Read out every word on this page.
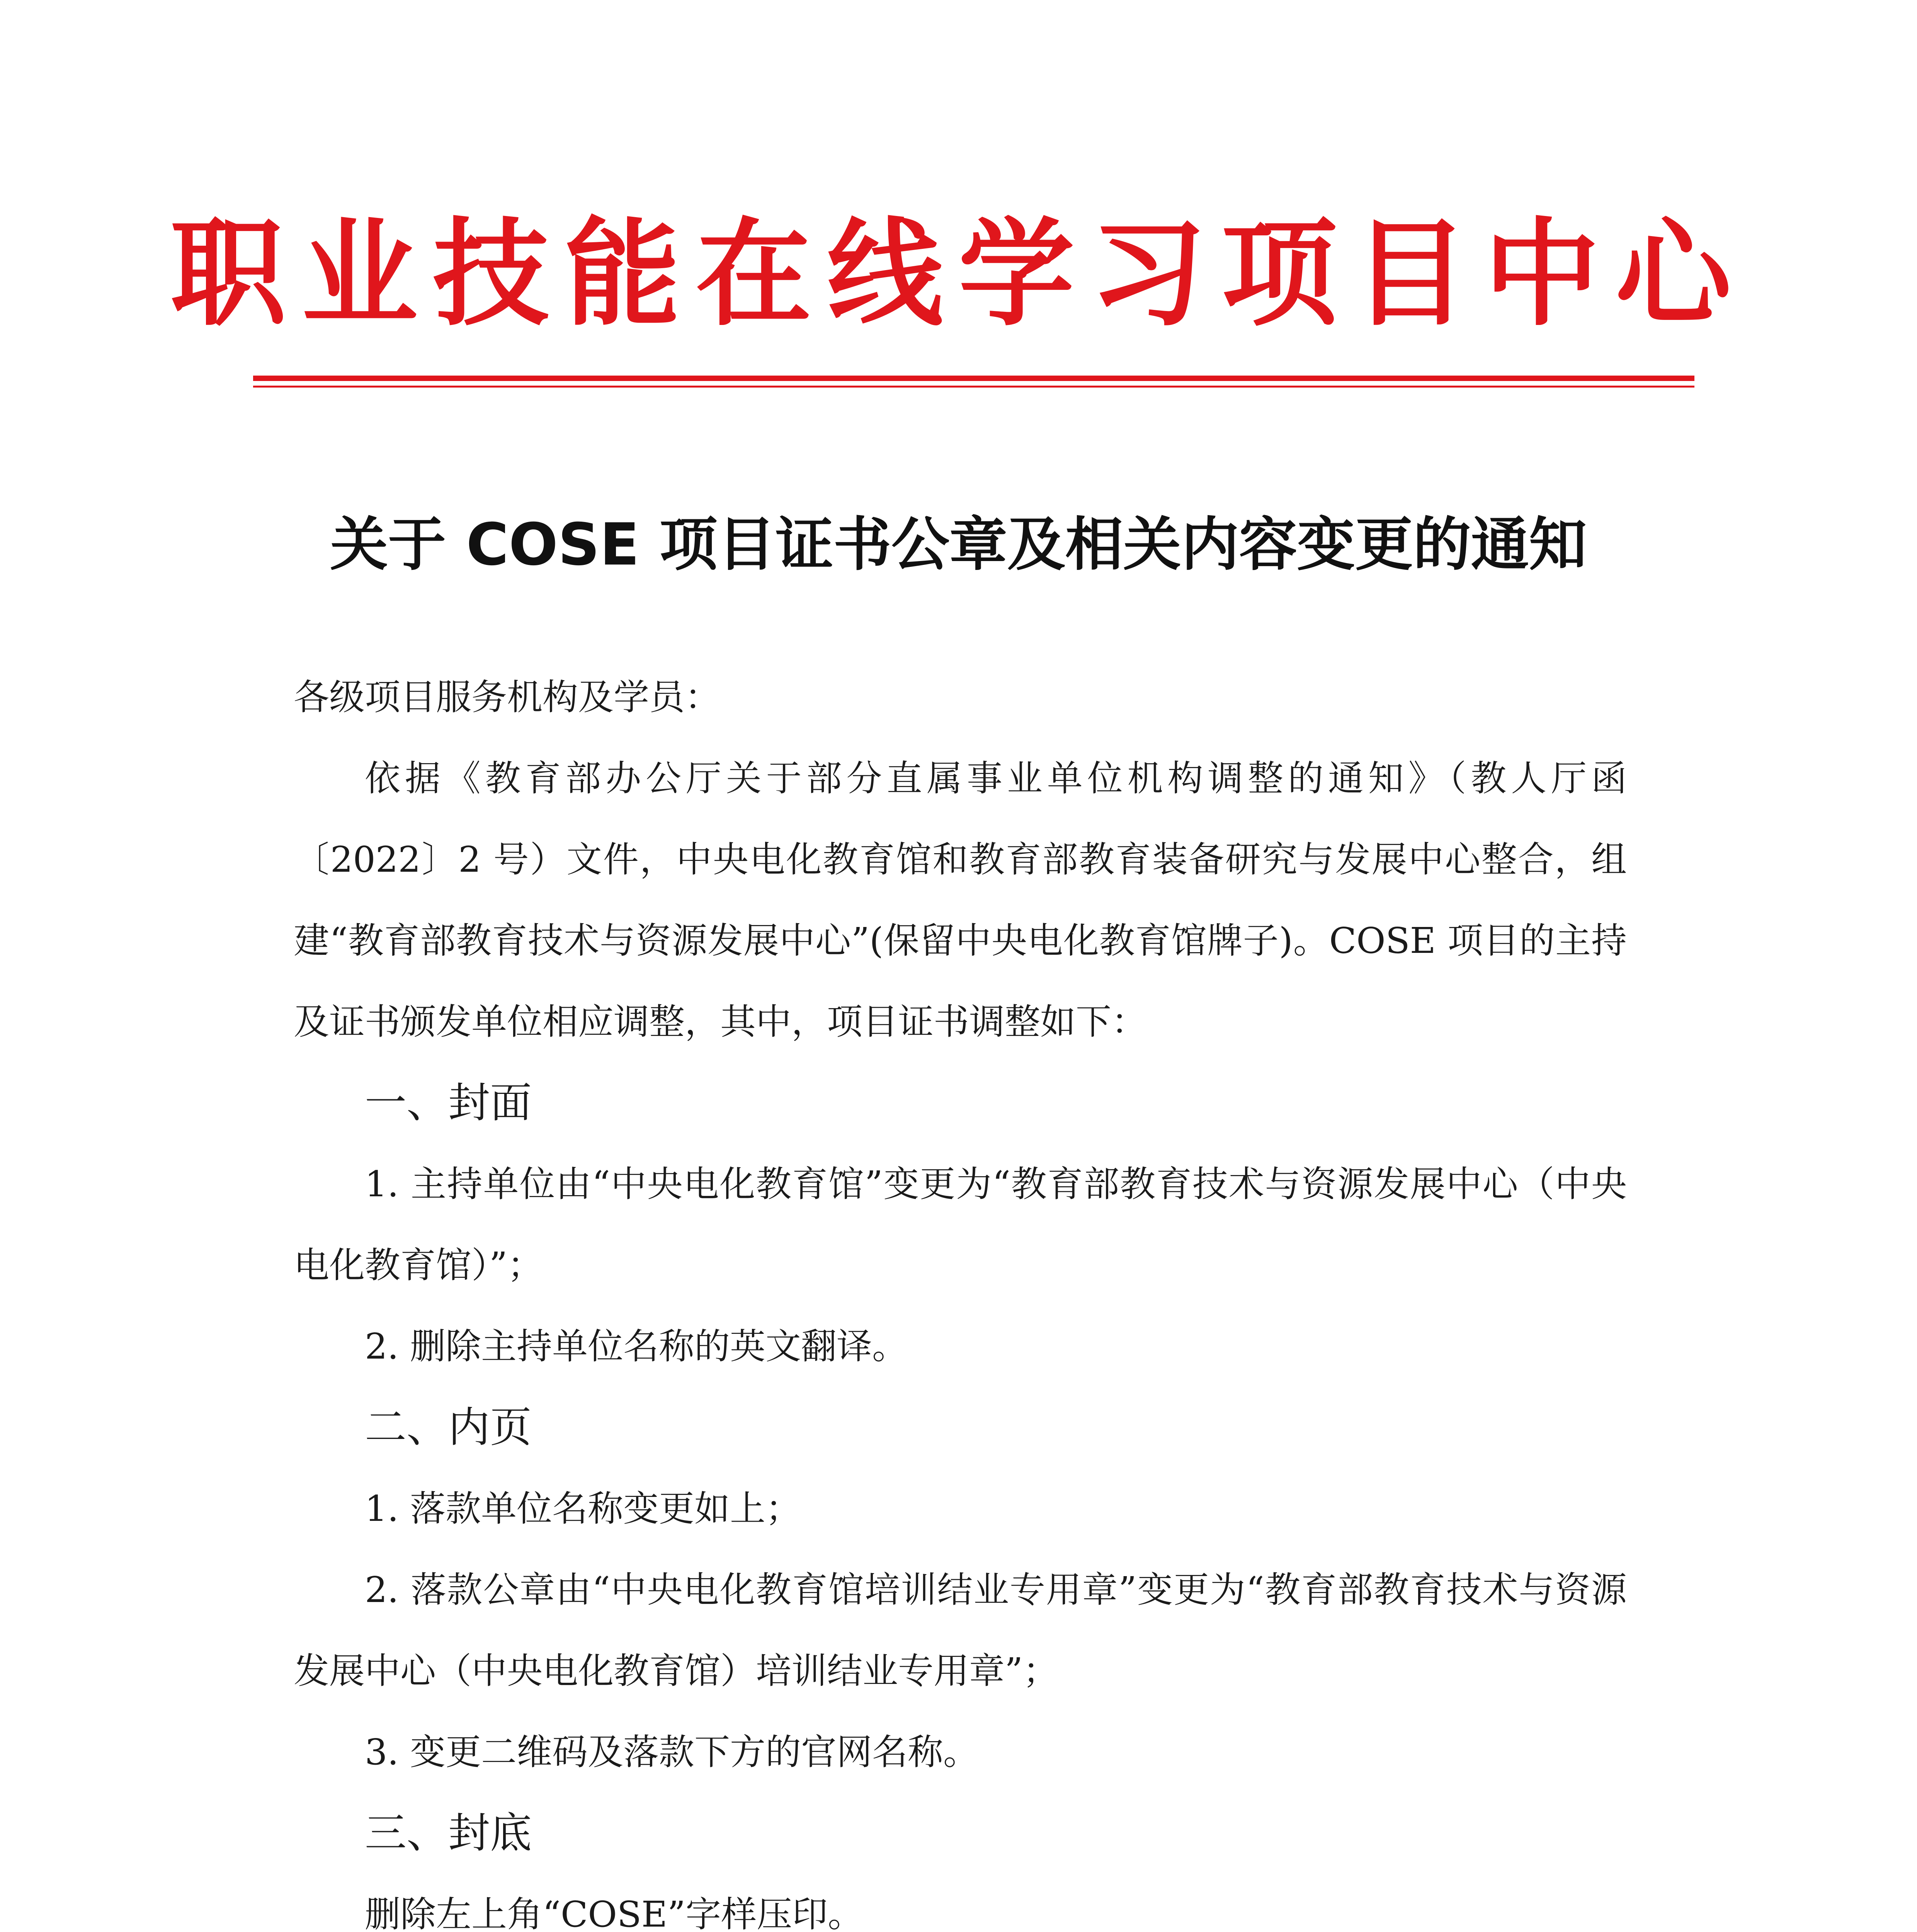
职业技能在线学习项目中心
关于 COSE 项目证书公章及相关内容变更的通知

各级项目服务机构及学员：

依据《教育部办公厅关于部分直属事业单位机构调整的通知》（教人厅函〔2022〕2 号）文件，中央电化教育馆和教育部教育装备研究与发展中心整合，组建“教育部教育技术与资源发展中心”(保留中央电化教育馆牌子)。COSE 项目的主持及证书颁发单位相应调整，其中，项目证书调整如下：

一、封面

1. 主持单位由“中央电化教育馆”变更为“教育部教育技术与资源发展中心（中央电化教育馆）”；

2. 删除主持单位名称的英文翻译。

二、内页

1. 落款单位名称变更如上；

2. 落款公章由“中央电化教育馆培训结业专用章”变更为“教育部教育技术与资源发展中心（中央电化教育馆）培训结业专用章”；

3. 变更二维码及落款下方的官网名称。

三、封底

删除左上角“COSE”字样压印。
